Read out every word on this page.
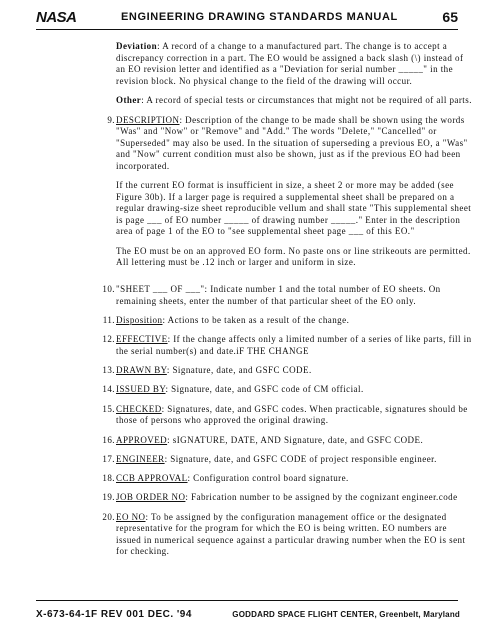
NASA	ENGINEERING DRAWING STANDARDS MANUAL	65

Deviation: A record of a change to a manufactured part. The change is to accept a discrepancy correction in a part. The EO would be assigned a back slash (\) instead of an EO revision letter and identified as a "Deviation for serial number _____" in the revision block. No physical change to the field of the drawing will occur.

Other: A record of special tests or circumstances that might not be required of all parts.

9. DESCRIPTION: Description of the change to be made shall be shown using the words "Was" and "Now" or "Remove" and "Add." The words "Delete," "Cancelled" or "Superseded" may also be used. In the situation of superseding a previous EO, a "Was" and "Now" current condition must also be shown, just as if the previous EO had been incorporated.

If the current EO format is insufficient in size, a sheet 2 or more may be added (see Figure 30b). If a larger page is required a supplemental sheet shall be prepared on a regular drawing-size sheet reproducible vellum and shall state "This supplemental sheet is page ___ of EO number _____ of drawing number _____." Enter in the description area of page 1 of the EO to "see supplemental sheet page ___ of this EO."

The EO must be on an approved EO form. No paste ons or line strikeouts are permitted. All lettering must be .12 inch or larger and uniform in size.

10. "SHEET ___ OF ___": Indicate number 1 and the total number of EO sheets. On remaining sheets, enter the number of that particular sheet of the EO only.
11. Disposition: Actions to be taken as a result of the change.
12. EFFECTIVE: If the change affects only a limited number of a series of like parts, fill in the serial number(s) and date.iF THE CHANGE
13. DRAWN BY: Signature, date, and GSFC CODE.
14. ISSUED BY: Signature, date, and GSFC code of CM official.
15. CHECKED: Signatures, date, and GSFC codes. When practicable, signatures should be those of persons who approved the original drawing.
16. APPROVED: sIGNATURE, DATE, AND Signature, date, and GSFC CODE.
17. ENGINEER: Signature, date, and GSFC CODE of project responsible engineer.
18. CCB APPROVAL: Configuration control board signature.
19. JOB ORDER NO: Fabrication number to be assigned by the cognizant engineer.code
20. EO NO: To be assigned by the configuration management office or the designated representative for the program for which the EO is being written. EO numbers are issued in numerical sequence against a particular drawing number when the EO is sent for checking.
X-673-64-1F REV 001 DEC. '94	GODDARD SPACE FLIGHT CENTER, Greenbelt, Maryland
